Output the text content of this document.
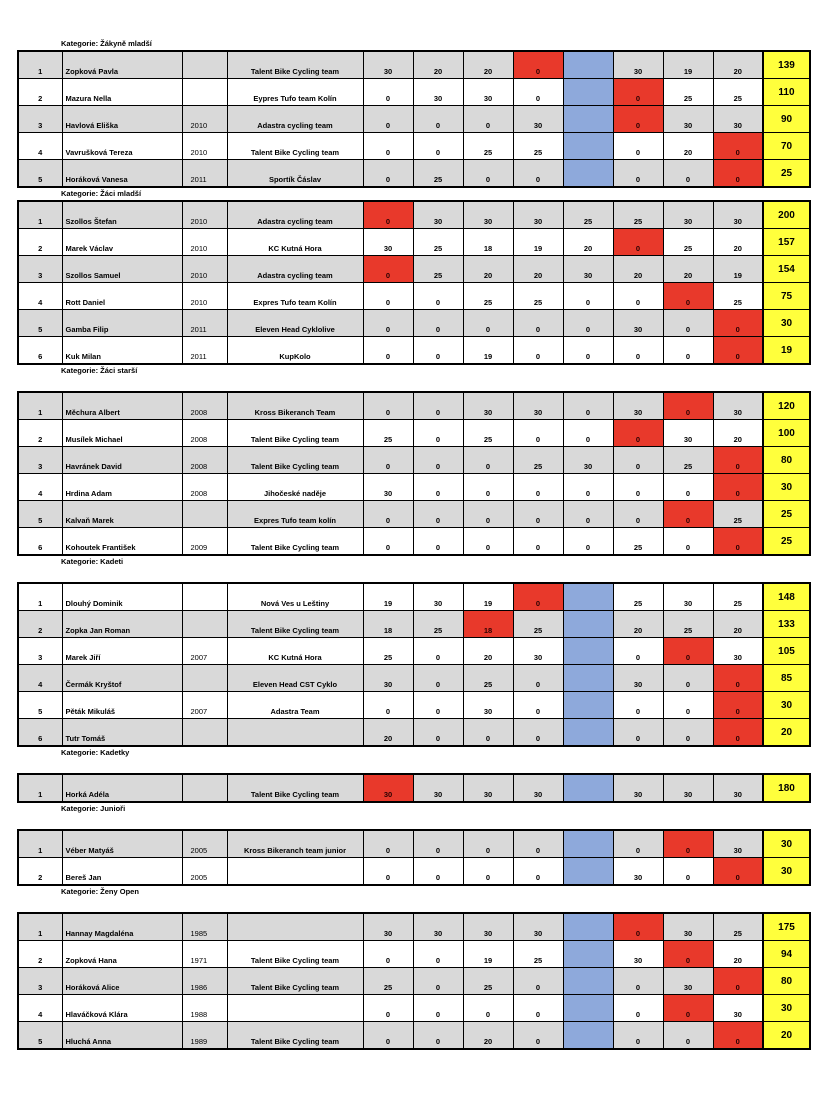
Kategorie: Žákyně mladší
1	Zopková Pavla		Talent Bike Cycling team	30	20	20	0		30	19	20	139
2	Mazura Nella		Eypres Tufo team Kolín	0	30	30	0		0	25	25	110
3	Havlová Eliška	2010	Adastra cycling team	0	0	0	30		0	30	30	90
4	Vavrušková Tereza	2010	Talent Bike Cycling team	0	0	25	25		0	20	0	70
5	Horáková Vanesa	2011	Sportík Čáslav	0	25	0	0		0	0	0	25
Kategorie: Žáci mladší
1	Szollos Štefan	2010	Adastra cycling team	0	30	30	30	25	25	30	30	200
2	Marek Václav	2010	KC Kutná Hora	30	25	18	19	20	0	25	20	157
3	Szollos Samuel	2010	Adastra cycling team	0	25	20	20	30	20	20	19	154
4	Rott Daniel	2010	Expres Tufo team Kolín	0	0	25	25	0	0	0	25	75
5	Gamba Filip	2011	Eleven Head Cyklolive	0	0	0	0	0	30	0	0	30
6	Kuk Milan	2011	KupKolo	0	0	19	0	0	0	0	0	19
Kategorie: Žáci starší
1	Měchura Albert	2008	Kross Bikeranch Team	0	0	30	30	0	30	0	30	120
2	Musílek Michael	2008	Talent Bike Cycling team	25	0	25	0	0	0	30	20	100
3	Havránek David	2008	Talent Bike Cycling team	0	0	0	25	30	0	25	0	80
4	Hrdina Adam	2008	Jihočeské naděje	30	0	0	0	0	0	0	0	30
5	Kalvaň Marek		Expres Tufo team kolín	0	0	0	0	0	0	0	25	25
6	Kohoutek František	2009	Talent Bike Cycling team	0	0	0	0	0	25	0	0	25
Kategorie: Kadeti
1	Dlouhý Dominik		Nová Ves u Leštiny	19	30	19	0		25	30	25	148
2	Zopka Jan Roman		Talent Bike Cycling team	18	25	18	25		20	25	20	133
3	Marek Jiří	2007	KC Kutná Hora	25	0	20	30		0	0	30	105
4	Čermák Kryštof		Eleven Head CST Cyklo	30	0	25	0		30	0	0	85
5	Pěták Mikuláš	2007	Adastra Team	0	0	30	0		0	0	0	30
6	Tutr Tomáš			20	0	0	0		0	0	0	20
Kategorie: Kadetky
1	Horká Adéla		Talent Bike Cycling team	30	30	30	30		30	30	30	180
Kategorie: Junioři
1	Véber Matyáš	2005	Kross Bikeranch team junior	0	0	0	0		0	0	30	30
2	Bereš Jan	2005		0	0	0	0		30	0	0	30
Kategorie: Ženy Open
1	Hannay Magdaléna	1985		30	30	30	30		0	30	25	175
2	Zopková Hana	1971	Talent Bike Cycling team	0	0	19	25		30	0	20	94
3	Horáková Alice	1986	Talent Bike Cycling team	25	0	25	0		0	30	0	80
4	Hlaváčková Klára	1988		0	0	0	0		0	0	30	30
5	Hluchá Anna	1989	Talent Bike Cycling team	0	0	20	0		0	0	0	20
